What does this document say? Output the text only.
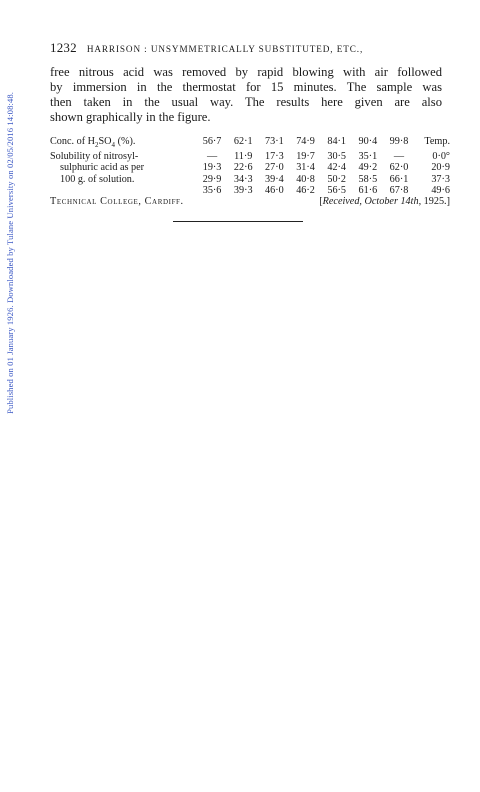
Published on 01 January 1926. Downloaded by Tulane University on 02/05/2016 14:08:48.
1232 HARRISON : UNSYMMETRICALLY SUBSTITUTED, ETC.,

free nitrous acid was removed by rapid blowing with air followed
by immersion in the thermostat for 15 minutes. The sample was
then taken in the usual way. The results here given are also
shown graphically in the figure.

Conc. of $H_2SO_4$ (%).	56·7	62·1	73·1	74·9	84·1	90·4	99·8	Temp.
Solubility of nitrosyl-	—	11·9	17·3	19·7	30·5	35·1	—	0·0°
sulphuric acid as per	19·3	22·6	27·0	31·4	42·4	49·2	62·0	20·9
100 g. of solution.	29·9	34·3	39·4	40·8	50·2	58·5	66·1	37·3
	35·6	39·3	46·0	46·2	56·5	61·6	67·8	49·6
Technical College, Cardiff.	[Received, October 14th, 1925.]
